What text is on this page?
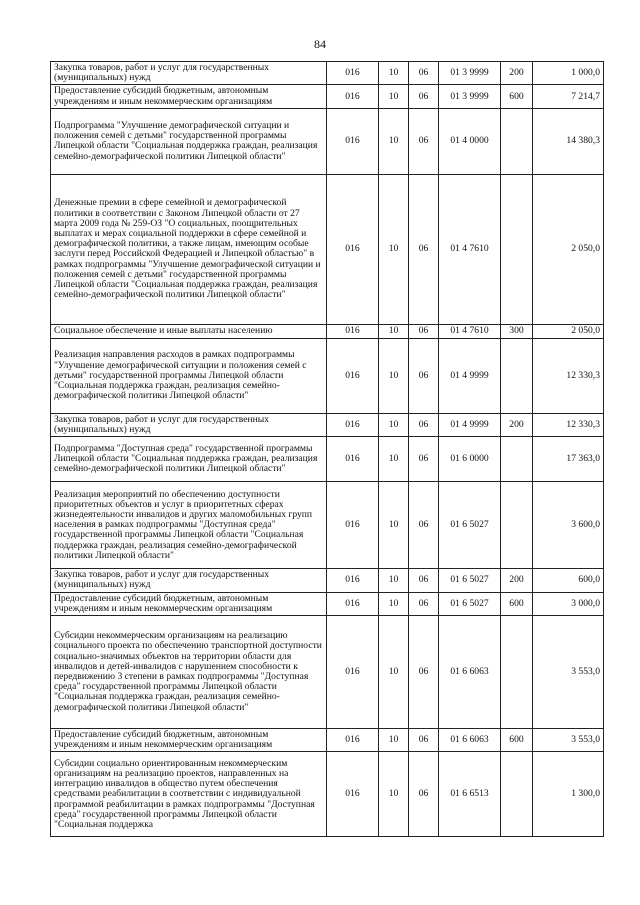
84
Закупка товаров, работ и услуг для государственных (муниципальных) нужд	016	10	06	01 3 9999	200	1 000,0
Предоставление субсидий бюджетным, автономным учреждениям и иным некоммерческим организациям	016	10	06	01 3 9999	600	7 214,7
Подпрограмма "Улучшение демографической ситуации и положения семей с детьми" государственной программы Липецкой области "Социальная поддержка граждан, реализация семейно-демографической политики Липецкой области"	016	10	06	01 4 0000		14 380,3
Денежные премии в сфере семейной и демографической политики в соответствии с Законом Липецкой области от 27 марта 2009 года № 259-ОЗ "О социальных, поощрительных выплатах и мерах социальной поддержки в сфере семейной и демографической политики, а также лицам, имеющим особые заслуги перед Российской Федерацией и Липецкой областью" в рамках подпрограммы "Улучшение демографической ситуации и положения семей с детьми" государственной программы Липецкой области "Социальная поддержка граждан, реализация семейно-демографической политики Липецкой области"	016	10	06	01 4 7610		2 050,0
Социальное обеспечение и иные выплаты населению	016	10	06	01 4 7610	300	2 050,0
Реализация направления расходов в рамках подпрограммы "Улучшение демографической ситуации и положения семей с детьми" государственной программы Липецкой области "Социальная поддержка граждан, реализация семейно-демографической политики Липецкой области"	016	10	06	01 4 9999		12 330,3
Закупка товаров, работ и услуг для государственных (муниципальных) нужд	016	10	06	01 4 9999	200	12 330,3
Подпрограмма "Доступная среда" государственной программы Липецкой области "Социальная поддержка граждан, реализация семейно-демографической политики Липецкой области"	016	10	06	01 6 0000		17 363,0
Реализация мероприятий по обеспечению доступности приоритетных объектов и услуг в приоритетных сферах жизнедеятельности инвалидов и других маломобильных групп населения в рамках подпрограммы "Доступная среда" государственной программы Липецкой области "Социальная поддержка граждан, реализация семейно-демографической политики Липецкой области"	016	10	06	01 6 5027		3 600,0
Закупка товаров, работ и услуг для государственных (муниципальных) нужд	016	10	06	01 6 5027	200	600,0
Предоставление субсидий бюджетным, автономным учреждениям и иным некоммерческим организациям	016	10	06	01 6 5027	600	3 000,0
Субсидии некоммерческим организациям на реализацию социального проекта по обеспечению транспортной доступности социально-значимых объектов на территории области для инвалидов и детей-инвалидов с нарушением способности к передвижению 3 степени в рамках подпрограммы "Доступная среда" государственной программы Липецкой области "Социальная поддержка граждан, реализация семейно-демографической политики Липецкой области"	016	10	06	01 6 6063		3 553,0
Предоставление субсидий бюджетным, автономным учреждениям и иным некоммерческим организациям	016	10	06	01 6 6063	600	3 553,0
Субсидии социально ориентированным некоммерческим организациям на реализацию проектов, направленных на интеграцию инвалидов в общество путем обеспечения средствами реабилитации в соответствии с индивидуальной программой реабилитации в рамках подпрограммы "Доступная среда" государственной программы Липецкой области "Социальная поддержка	016	10	06	01 6 6513		1 300,0
